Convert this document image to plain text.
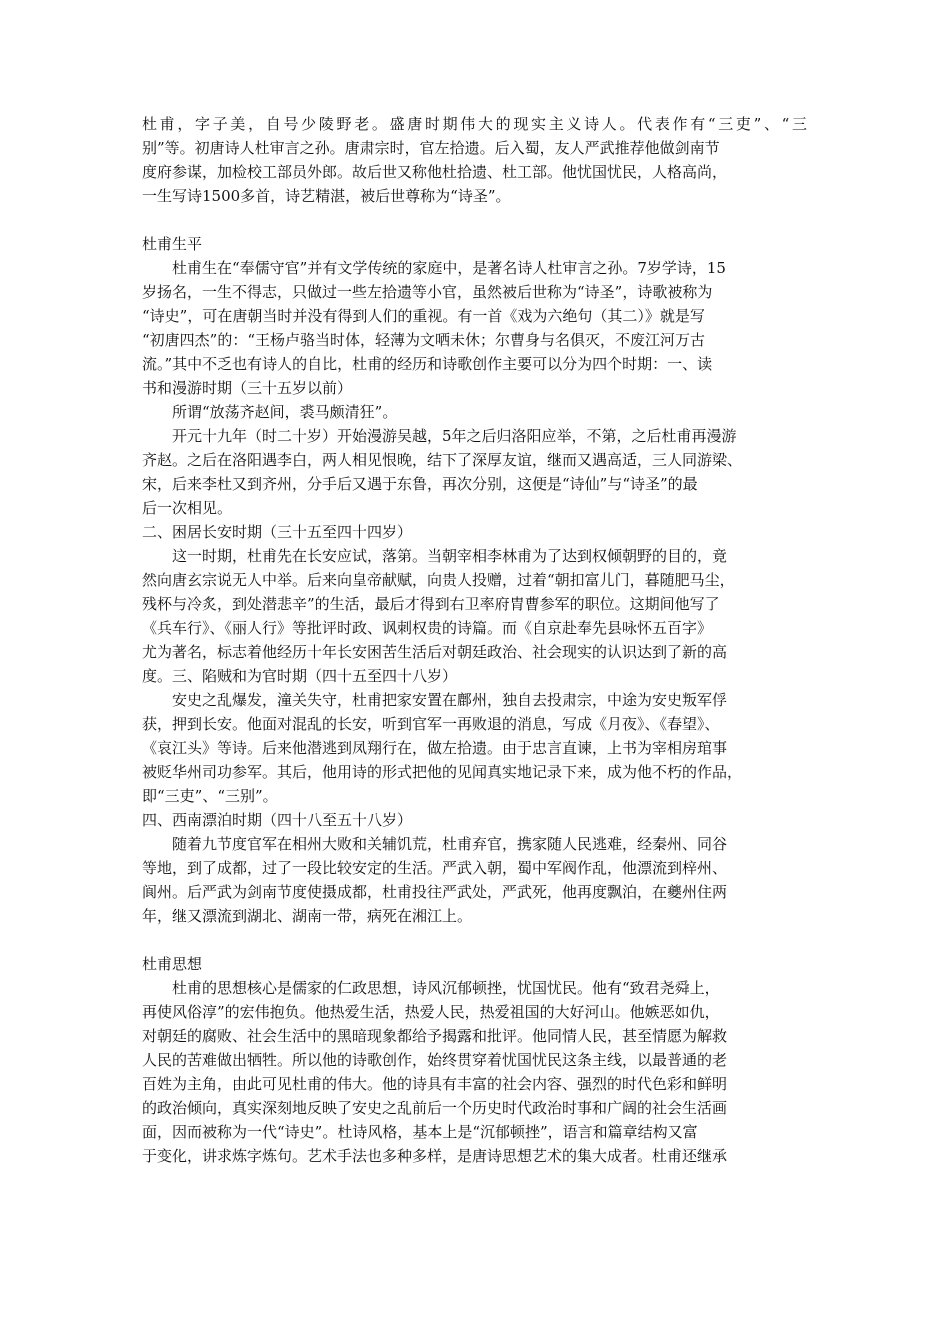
杜甫，字子美，自号少陵野老。盛唐时期伟大的现实主义诗人。代表作有“三吏”、“三
别”等。初唐诗人杜审言之孙。唐肃宗时，官左拾遗。后入蜀，友人严武推荐他做剑南节
度府参谋，加检校工部员外郎。故后世又称他杜拾遗、杜工部。他忧国忧民，人格高尚，
一生写诗1500多首，诗艺精湛，被后世尊称为“诗圣”。
杜甫生平
杜甫生在“奉儒守官”并有文学传统的家庭中，是著名诗人杜审言之孙。7岁学诗，15
岁扬名，一生不得志，只做过一些左拾遗等小官，虽然被后世称为“诗圣”，诗歌被称为
“诗史”，可在唐朝当时并没有得到人们的重视。有一首《戏为六绝句（其二）》就是写
“初唐四杰”的：“王杨卢骆当时体，轻薄为文哂未休；尔曹身与名俱灭，不废江河万古
流。”其中不乏也有诗人的自比，杜甫的经历和诗歌创作主要可以分为四个时期：一、读
书和漫游时期（三十五岁以前）
所谓“放荡齐赵间，裘马颇清狂”。
开元十九年（时二十岁）开始漫游吴越，5年之后归洛阳应举，不第，之后杜甫再漫游
齐赵。之后在洛阳遇李白，两人相见恨晚，结下了深厚友谊，继而又遇高适，三人同游梁、
宋，后来李杜又到齐州，分手后又遇于东鲁，再次分别，这便是“诗仙”与“诗圣”的最
后一次相见。
二、困居长安时期（三十五至四十四岁）
这一时期，杜甫先在长安应试，落第。当朝宰相李林甫为了达到权倾朝野的目的，竟
然向唐玄宗说无人中举。后来向皇帝献赋，向贵人投赠，过着“朝扣富儿门，暮随肥马尘，
残杯与冷炙，到处潜悲辛”的生活，最后才得到右卫率府胄曹参军的职位。这期间他写了
《兵车行》、《丽人行》等批评时政、讽刺权贵的诗篇。而《自京赴奉先县咏怀五百字》
尤为著名，标志着他经历十年长安困苦生活后对朝廷政治、社会现实的认识达到了新的高
度。三、陷贼和为官时期（四十五至四十八岁）
安史之乱爆发，潼关失守，杜甫把家安置在鄜州，独自去投肃宗，中途为安史叛军俘
获，押到长安。他面对混乱的长安，听到官军一再败退的消息，写成《月夜》、《春望》、
《哀江头》等诗。后来他潜逃到凤翔行在，做左拾遗。由于忠言直谏，上书为宰相房琯事
被贬华州司功参军。其后，他用诗的形式把他的见闻真实地记录下来，成为他不朽的作品，
即“三吏”、“三别”。
四、西南漂泊时期（四十八至五十八岁）
随着九节度官军在相州大败和关辅饥荒，杜甫弃官，携家随人民逃难，经秦州、同谷
等地，到了成都，过了一段比较安定的生活。严武入朝，蜀中军阀作乱，他漂流到梓州、
阆州。后严武为剑南节度使摄成都，杜甫投往严武处，严武死，他再度飘泊，在夔州住两
年，继又漂流到湖北、湖南一带，病死在湘江上。
杜甫思想
杜甫的思想核心是儒家的仁政思想，诗风沉郁顿挫，忧国忧民。他有“致君尧舜上，
再使风俗淳”的宏伟抱负。他热爱生活，热爱人民，热爱祖国的大好河山。他嫉恶如仇，
对朝廷的腐败、社会生活中的黑暗现象都给予揭露和批评。他同情人民，甚至情愿为解救
人民的苦难做出牺牲。所以他的诗歌创作，始终贯穿着忧国忧民这条主线，以最普通的老
百姓为主角，由此可见杜甫的伟大。他的诗具有丰富的社会内容、强烈的时代色彩和鲜明
的政治倾向，真实深刻地反映了安史之乱前后一个历史时代政治时事和广阔的社会生活画
面，因而被称为一代“诗史”。杜诗风格，基本上是“沉郁顿挫”，语言和篇章结构又富
于变化，讲求炼字炼句。艺术手法也多种多样，是唐诗思想艺术的集大成者。杜甫还继承
